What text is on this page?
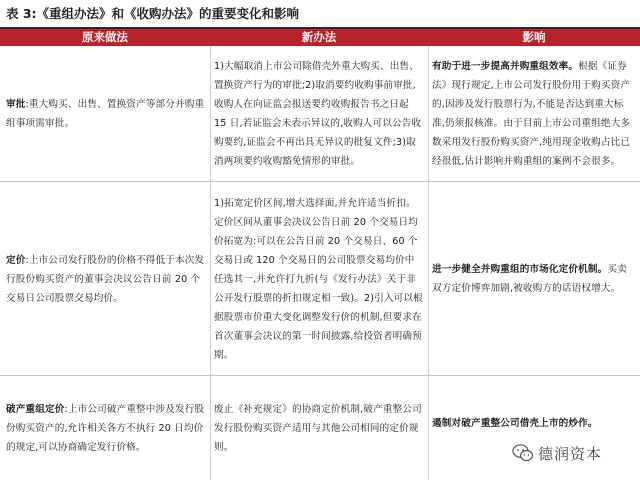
表 3:《重组办法》和《收购办法》的重要变化和影响
原来做法	新办法	影响
审批:重大购买、出售、置换资产等部分并购重组事项需审批。
1)大幅取消上市公司除借壳外重大购买、出售、置换资产行为的审批;2)取消要约收购事前审批,收购人在向证监会报送要约收购报告书之日起 15 日,若证监会未表示异议的,收购人可以公告收购要约,证监会不再出具无异议的批复文件;3)取消两项要约收购豁免情形的审批。
有助于进一步提高并购重组效率。根据《证券法》现行规定,上市公司发行股份用于购买资产的,因涉及发行股票行为,不能是否达到重大标准,仍须报核准。由于目前上市公司重组绝大多数采用发行股份购买资产,纯用现金收购占比已经很低,估计影响并购重组的案例不会很多。
定价:上市公司发行股份的价格不得低于本次发行股份购买资产的董事会决议公告日前 20 个交易日公司股票交易均价。
1)拓宽定价区间,增大选择面,并允许适当折扣。定价区间从董事会决议公告日前 20 个交易日均价拓宽为:可以在公告日前 20 个交易日、60 个交易日或 120 个交易日的公司股票交易均价中任选其一,并允许打九折(与《发行办法》关于非公开发行股票的折扣规定相一致)。2)引入可以根据股票市价重大变化调整发行价的机制,但要求在首次董事会决议的第一时间披露,给投资者明确预期。
进一步健全并购重组的市场化定价机制。买卖双方定价博弈加剧,被收购方的话语权增大。
破产重组定价:上市公司破产重整中涉及发行股份购买资产的,允许相关各方不执行 20 日均价的规定,可以协商确定发行价格。
废止《补充规定》的协商定价机制,破产重整公司发行股份购买资产适用与其他公司相同的定价规则。
遏制对破产重整公司借壳上市的炒作。
德润资本
